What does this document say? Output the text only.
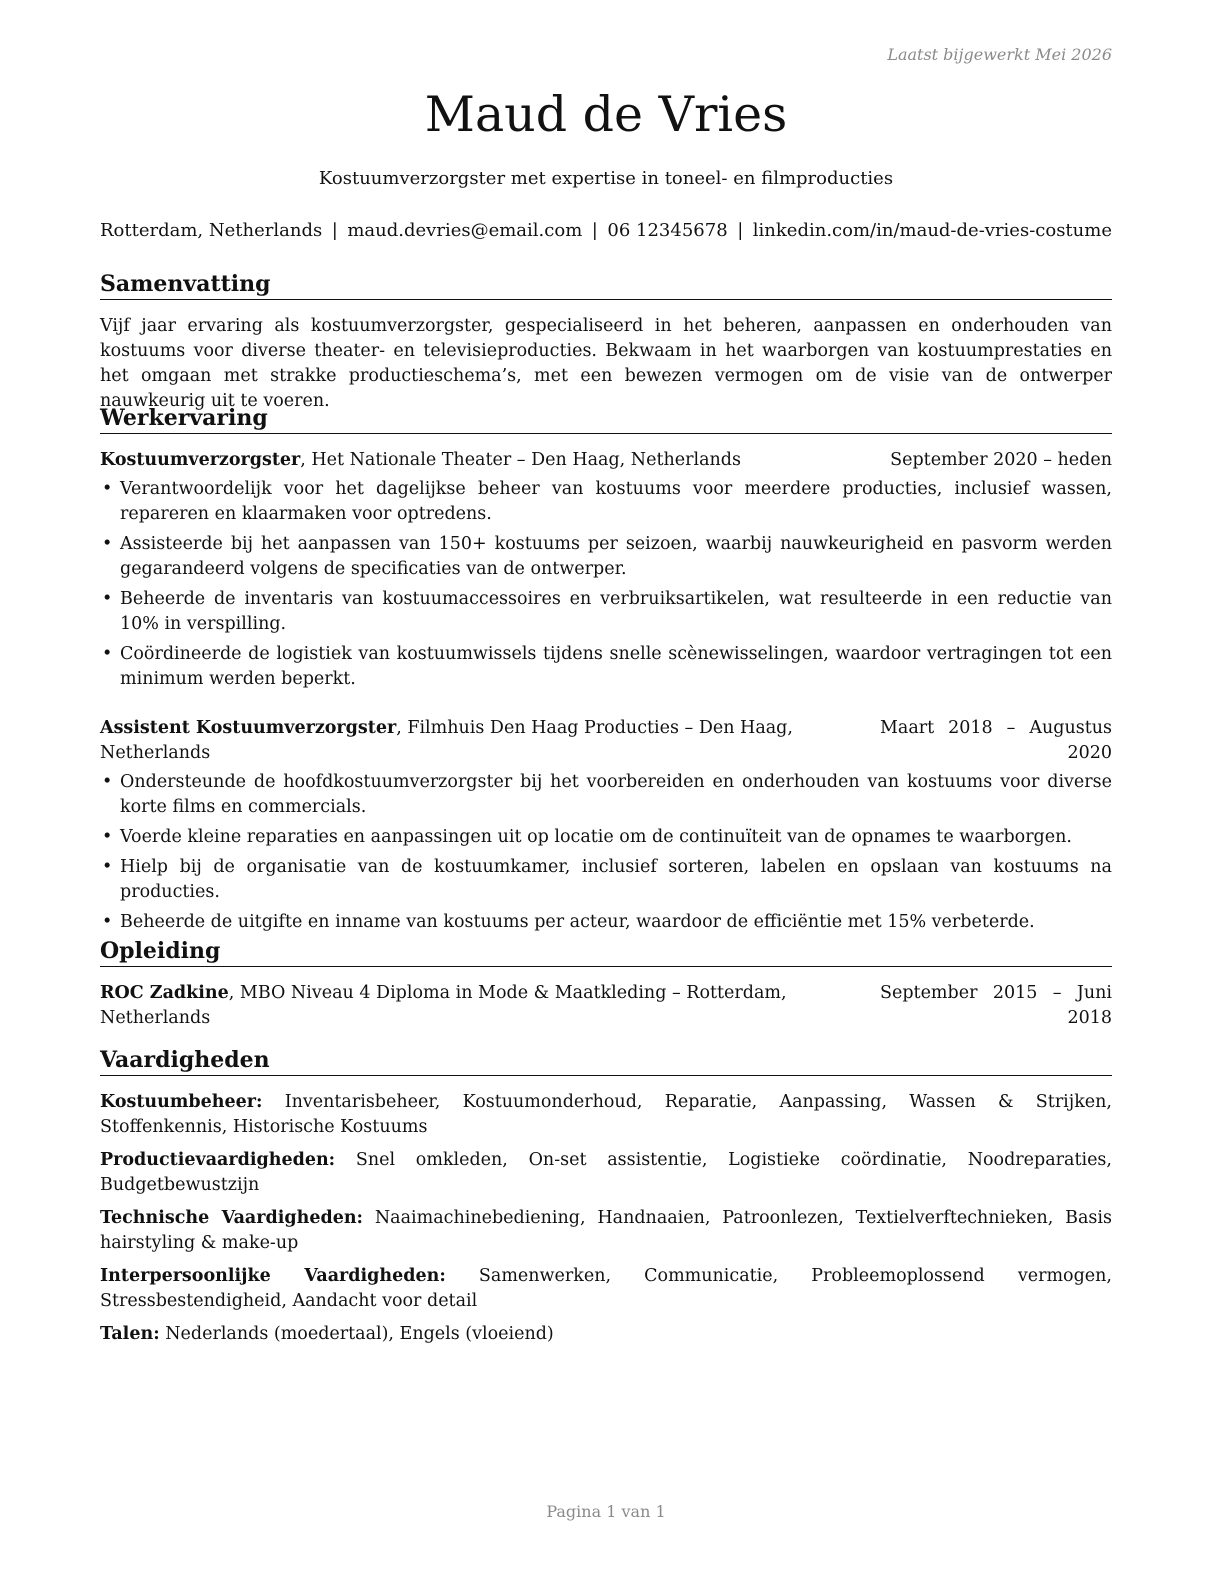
Laatst bijgewerkt Mei 2026
Maud de Vries
Kostuumverzorgster met expertise in toneel- en filmproducties
Rotterdam, Netherlands | maud.devries@email.com | 06 12345678 | linkedin.com/in/maud-de-vries-costume
Samenvatting
Vijf jaar ervaring als kostuumverzorgster, gespecialiseerd in het beheren, aanpassen en onderhouden van kostuums voor diverse theater- en televisieproducties. Bekwaam in het waarborgen van kostuumprestaties en het omgaan met strakke productieschema’s, met een bewezen vermogen om de visie van de ontwerper nauwkeurig uit te voeren.
Werkervaring
Kostuumverzorgster, Het Nationale Theater – Den Haag, Netherlands	September 2020 – heden
• Verantwoordelijk voor het dagelijkse beheer van kostuums voor meerdere producties, inclusief wassen, repareren en klaarmaken voor optredens.
• Assisteerde bij het aanpassen van 150+ kostuums per seizoen, waarbij nauwkeurigheid en pasvorm werden gegarandeerd volgens de specificaties van de ontwerper.
• Beheerde de inventaris van kostuumaccessoires en verbruiksartikelen, wat resulteerde in een reductie van 10% in verspilling.
• Coördineerde de logistiek van kostuumwissels tijdens snelle scènewisselingen, waardoor vertragingen tot een minimum werden beperkt.
Assistent Kostuumverzorgster, Filmhuis Den Haag Producties – Den Haag, Netherlands
Maart 2018 – Augustus 2020
• Ondersteunde de hoofdkostuumverzorgster bij het voorbereiden en onderhouden van kostuums voor diverse korte films en commercials.
• Voerde kleine reparaties en aanpassingen uit op locatie om de continuïteit van de opnames te waarborgen.
• Hielp bij de organisatie van de kostuumkamer, inclusief sorteren, labelen en opslaan van kostuums na producties.
• Beheerde de uitgifte en inname van kostuums per acteur, waardoor de efficiëntie met 15% verbeterde.
Opleiding
ROC Zadkine, MBO Niveau 4 Diploma in Mode & Maatkleding – Rotterdam, Netherlands
September 2015 – Juni 2018
Vaardigheden
Kostuumbeheer: Inventarisbeheer, Kostuumonderhoud, Reparatie, Aanpassing, Wassen & Strijken, Stoffenkennis, Historische Kostuums
Productievaardigheden: Snel omkleden, On-set assistentie, Logistieke coördinatie, Noodreparaties, Budgetbewustzijn
Technische Vaardigheden: Naaimachinebediening, Handnaaien, Patroonlezen, Textielverftechnieken, Basis hairstyling & make-up
Interpersoonlijke Vaardigheden: Samenwerken, Communicatie, Probleemoplossend vermogen, Stressbestendigheid, Aandacht voor detail
Talen: Nederlands (moedertaal), Engels (vloeiend)
Pagina 1 van 1
